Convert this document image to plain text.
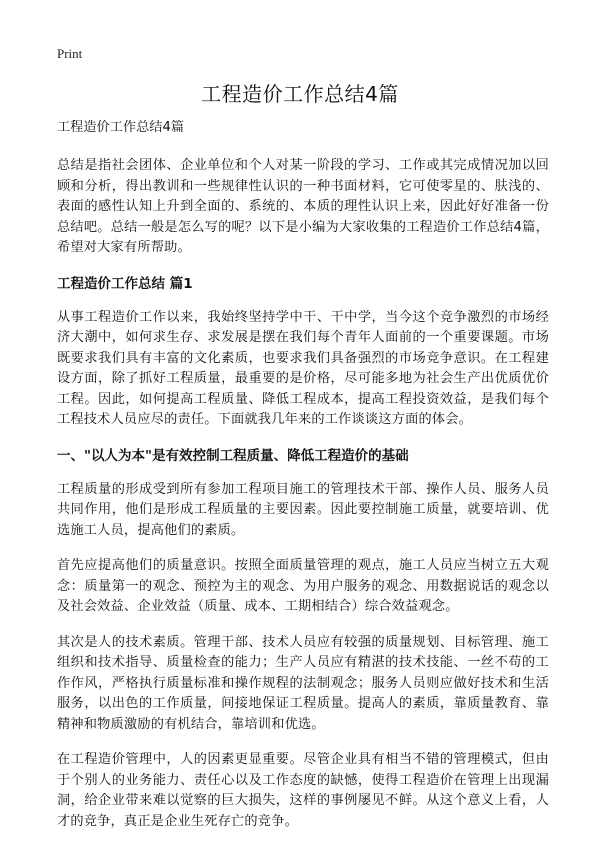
Print
工程造价工作总结4篇
工程造价工作总结4篇

总结是指社会团体、企业单位和个人对某一阶段的学习、工作或其完成情况加以回顾和分析，得出教训和一些规律性认识的一种书面材料，它可使零星的、肤浅的、表面的感性认知上升到全面的、系统的、本质的理性认识上来，因此好好准备一份总结吧。总结一般是怎么写的呢？以下是小编为大家收集的工程造价工作总结4篇，希望对大家有所帮助。

工程造价工作总结 篇1

从事工程造价工作以来，我始终坚持学中干、干中学，当今这个竞争激烈的市场经济大潮中，如何求生存、求发展是摆在我们每个青年人面前的一个重要课题。市场既要求我们具有丰富的文化素质，也要求我们具备强烈的市场竞争意识。在工程建设方面，除了抓好工程质量，最重要的是价格，尽可能多地为社会生产出优质优价工程。因此，如何提高工程质量、降低工程成本，提高工程投资效益，是我们每个工程技术人员应尽的责任。下面就我几年来的工作谈谈这方面的体会。

一、"以人为本"是有效控制工程质量、降低工程造价的基础

工程质量的形成受到所有参加工程项目施工的管理技术干部、操作人员、服务人员共同作用，他们是形成工程质量的主要因素。因此要控制施工质量，就要培训、优选施工人员，提高他们的素质。

首先应提高他们的质量意识。按照全面质量管理的观点，施工人员应当树立五大观念：质量第一的观念、预控为主的观念、为用户服务的观念、用数据说话的观念以及社会效益、企业效益（质量、成本、工期相结合）综合效益观念。

其次是人的技术素质。管理干部、技术人员应有较强的质量规划、目标管理、施工组织和技术指导、质量检查的能力；生产人员应有精湛的技术技能、一丝不苟的工作作风，严格执行质量标准和操作规程的法制观念；服务人员则应做好技术和生活服务，以出色的工作质量，间接地保证工程质量。提高人的素质，靠质量教育、靠精神和物质激励的有机结合，靠培训和优选。

在工程造价管理中，人的因素更显重要。尽管企业具有相当不错的管理模式，但由于个别人的业务能力、责任心以及工作态度的缺憾，使得工程造价在管理上出现漏洞，给企业带来难以觉察的巨大损失，这样的事例屡见不鲜。从这个意义上看，人才的竞争，真正是企业生死存亡的竞争。
